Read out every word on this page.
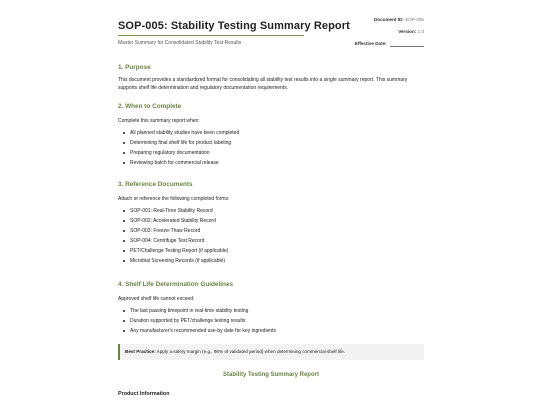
SOP-005: Stability Testing Summary Report
Master Summary for Consolidated Stability Test Results
Document ID: SOP-005
Version: 1.0
Effective Date:
1. Purpose
This document provides a standardized format for consolidating all stability test results into a single summary report. This summary supports shelf life determination and regulatory documentation requirements.
2. When to Complete
Complete this summary report when:
All planned stability studies have been completed
Determining final shelf life for product labeling
Preparing regulatory documentation
Reviewing batch for commercial release
3. Reference Documents
Attach or reference the following completed forms:
SOP-001: Real-Time Stability Record
SOP-002: Accelerated Stability Record
SOP-003: Freeze-Thaw Record
SOP-004: Centrifuge Test Record
PET/Challenge Testing Report (if applicable)
Microbial Screening Records (if applicable)
4. Shelf Life Determination Guidelines
Approved shelf life cannot exceed:
The last passing timepoint in real-time stability testing
Duration supported by PET/challenge testing results
Any manufacturer's recommended use-by date for key ingredients
Best Practice: Apply a safety margin (e.g., 90% of validated period) when determining commercial shelf life.
Stability Testing Summary Report
Product Information
